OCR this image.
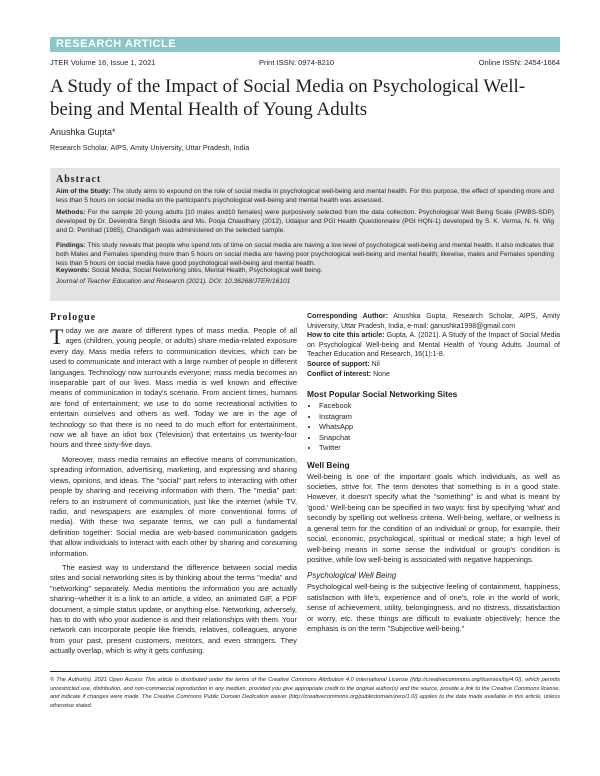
RESEARCH ARTICLE
JTER Volume 16, Issue 1, 2021	Print ISSN: 0974-8210	Online ISSN: 2454-1664
A Study of the Impact of Social Media on Psychological Well-being and Mental Health of Young Adults
Anushka Gupta*
Research Scholar, AIPS, Amity University, Uttar Pradesh, India
Abstract

Aim of the Study: The study aims to expound on the role of social media in psychological well-being and mental health. For this purpose, the effect of spending more and less than 5 hours on social media on the participant's psychological well-being and mental health was assessed.

Methods: For the sample 20 young adults [10 males and10 females] were purposively selected from the data collection. Psychological Well Being Scale (PWBS-SDP) developed by Dr. Devendra Singh Sisodia and Ms. Pooja Chaudhary (2012), Udaipur and PGI Health Questionnaire (PGI HQN-1) developed by S. K. Verma, N. N. Wig and D. Pershad (1985), Chandigarh was administered on the selected sample.

Findings: This study reveals that people who spend lots of time on social media are having a low level of psychological well-being and mental health. It also indicates that both Males and Females spending more than 5 hours on social media are having poor psychological well-being and mental health; likewise, males and Females spending less than 5 hours on social media have good psychological well-being and mental health.

Keywords: Social Media, Social Networking sites, Mental Health, Psychological well being.

Journal of Teacher Education and Research (2021). DOI: 10.36268/JTER/16101

Prologue

Today we are aware of different types of mass media. People of all ages (children, young people, or adults) share media-related exposure every day. Mass media refers to communication devices, which can be used to communicate and interact with a large number of people in different languages. Technology now surrounds everyone; mass media becomes an inseparable part of our lives. Mass media is well known and effective means of communication in today's scenario. From ancient times, humans are fond of entertainment; we use to do some recreational activities to entertain ourselves and others as well. Today we are in the age of technology so that there is no need to do much effort for entertainment, now we all have an idiot box (Television) that entertains us twenty-four hours and three sixty-five days.

Moreover, mass media remains an effective means of communication, spreading information, advertising, marketing, and expressing and sharing views, opinions, and ideas. The "social" part refers to interacting with other people by sharing and receiving information with them. The "media" part: refers to an instrument of communication, just like the internet (while TV, radio, and newspapers are examples of more conventional forms of media). With these two separate terms, we can pull a fundamental definition together: Social media are web-based communication gadgets that allow individuals to interact with each other by sharing and consuming information.

The easiest way to understand the difference between social media sites and social networking sites is by thinking about the terms "media" and "networking" separately. Media mentions the information you are actually sharing--whether it is a link to an article, a video, an animated GIF, a PDF document, a simple status update, or anything else. Networking, adversely, has to do with who your audience is and their relationships with them. Your network can incorporate people like friends, relatives, colleagues, anyone from your past, present customers, mentors, and even strangers. They actually overlap, which is why it gets confusing.

Corresponding Author: Anushka Gupta, Research Scholar, AIPS, Amity University, Uttar Pradesh, India, e-mail: ganushka1998@gmail.com

How to cite this article: Gupta, A. (2021). A Study of the Impact of Social Media on Psychological Well-being and Mental Health of Young Adults. Journal of Teacher Education and Research, 16(1):1-8.

Source of support: Nil

Conflict of interest: None

Most Popular Social Networking Sites
• Facebook
• Instagram
• WhatsApp
• Snapchat
• Twitter
Well Being

Well-being is one of the important goals which individuals, as well as societies, strive for. The term denotes that something is in a good state. However, it doesn't specify what the "something" is and what is meant by 'good.' Well-being can be specified in two ways: first by specifying 'what' and secondly by spelling out wellness criteria. Well-being, welfare, or wellness is a general term for the condition of an individual or group, for example, their social, economic, psychological, spiritual or medical state; a high level of well-being means in some sense the individual or group's condition is positive, while low well-being is associated with negative happenings.

Psychological Well Being

Psychological well-being is the subjective feeling of containment, happiness, satisfaction with life's, experience and of one's, role in the world of work, sense of achievement, utility, belongingness, and no distress, dissatisfaction or worry, etc. these things are difficult to evaluate objectively; hence the emphasis is on the term "Subjective well-being."

© The Author(s). 2021 Open Access This article is distributed under the terms of the Creative Commons Attribution 4.0 International License (http://creativecommons.org/licenses/by/4.0/), which permits unrestricted use, distribution, and non-commercial reproduction in any medium, provided you give appropriate credit to the original author(s) and the source, provide a link to the Creative Commons license, and indicate if changes were made. The Creative Commons Public Domain Dedication waiver (http://creativecommons.org/publicdomain/zero/1.0/) applies to the data made available in this article, unless otherwise stated.
